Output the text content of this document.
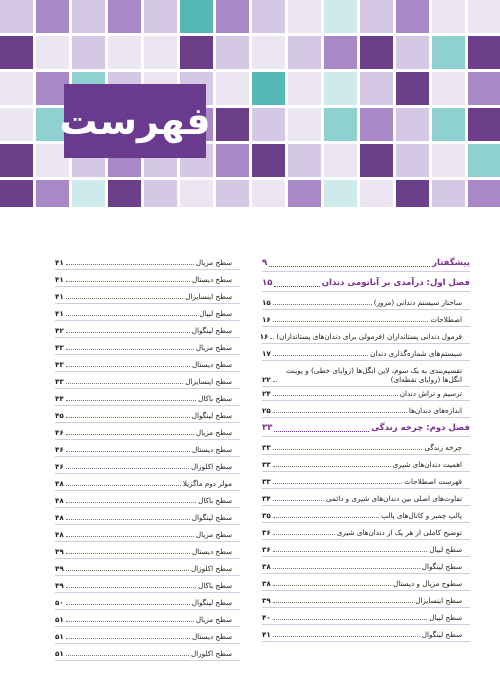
فهرست
پیشگفتار
۹
فصل اول: درآمدی بر آناتومی دندان
۱۵
ساختار سیستم دندانی (مرور)
۱۵
اصطلاحات
۱۶
فرمول دندانی پستانداران (فرمولی برای دندان‌های پستانداران)
۱۶
سیستم‌های شماره‌گذاری دندان
۱۷
تقسیم‌بندی به یک سوم، لاین انگل‌ها (زوایای خطی) و پوینت انگل‌ها (زوایای نقطه‌ای)
۲۲
ترسیم و تراش دندان
۲۴
اندازه‌های دندان‌ها
۲۵
فصل دوم: چرخه زندگی
۳۳
چرخه زندگی
۳۳
اهمیت دندان‌های شیری
۳۳
فهرست اصطلاحات
۳۳
تفاوت‌های اصلی بین دندان‌های شیری و دائمی
۳۴
پالپ چمبر و کانال‌های پالپ
۳۵
توضیح کاملی از هر یک از دندان‌های شیری
۳۶
سطح لبیال
۳۶
سطح لینگوال
۳۸
سطوح مزیال و دیستال
۳۸
سطح اینسایزال
۳۹
سطح لبیال
۴۰
سطح لینگوال
۴۱
سطح مزیال
۴۱
سطح دیستال
۴۱
سطح اینسایزال
۴۱
سطح لبیال
۴۱
سطح لینگوال
۴۲
سطح مزیال
۴۳
سطح دیستال
۴۳
سطح اینسایزال
۴۳
سطح باکال
۴۴
سطح لینگوال
۴۵
سطح مزیال
۴۶
سطح دیستال
۴۶
سطح اکلوزال
۴۶
مولر دوم ماگزیلا
۴۸
سطح باکال
۴۸
سطح لینگوال
۴۸
سطح مزیال
۴۸
سطح دیستال
۴۹
سطح اکلوزال
۴۹
سطح باکال
۴۹
سطح لینگوال
۵۰
سطح مزیال
۵۱
سطح دیستال
۵۱
سطح اکلوزال
۵۱
